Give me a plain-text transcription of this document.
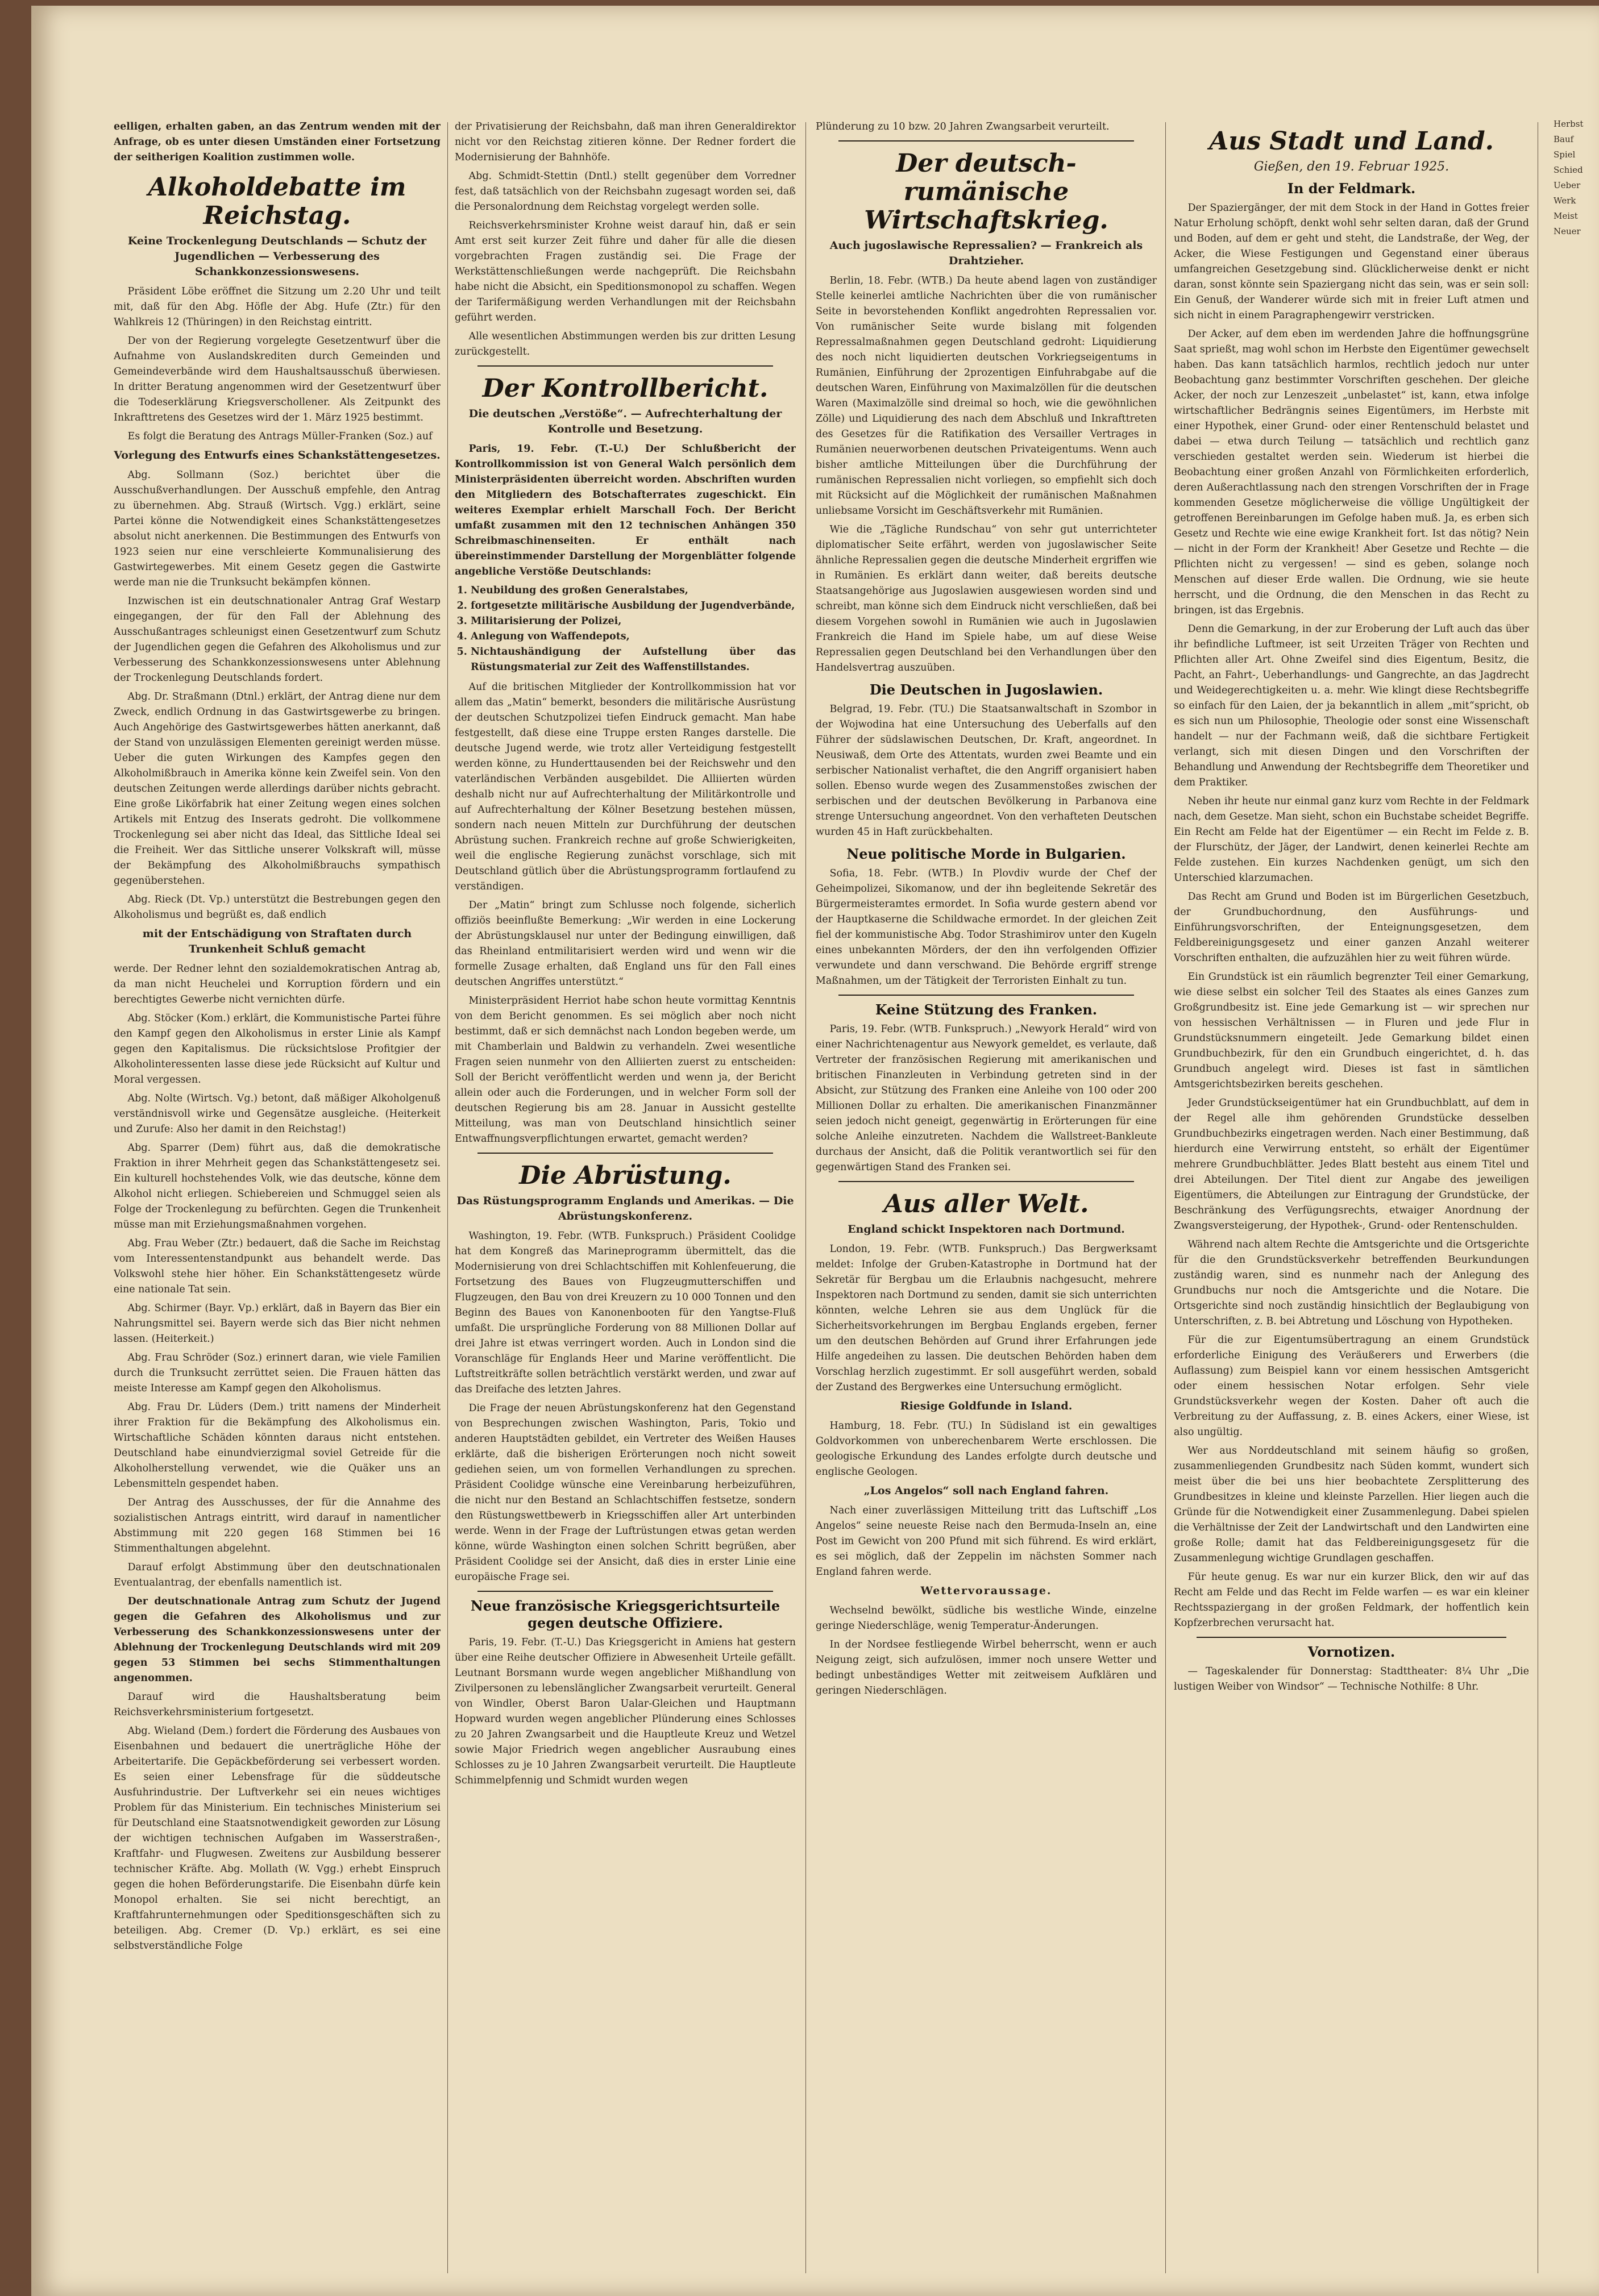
eelligen, erhalten gaben, an das Zentrum wenden mit der Anfrage, ob es unter diesen Umständen einer Fortsetzung der seitherigen Koalition zustimmen wolle.

Alkoholdebatte im Reichstag.
Keine Trockenlegung Deutschlands — Schutz der Jugendlichen — Verbesserung des Schankkonzessionswesens.

Präsident Löbe eröffnet die Sitzung um 2.20 Uhr und teilt mit, daß für den Abg. Höfle der Abg. Hufe (Ztr.) für den Wahlkreis 12 (Thüringen) in den Reichstag eintritt.

Der von der Regierung vorgelegte Gesetzentwurf über die Aufnahme von Auslandskrediten durch Gemeinden und Gemeindeverbände wird dem Haushaltsausschuß überwiesen. In dritter Beratung angenommen wird der Gesetzentwurf über die Todeserklärung Kriegsverschollener. Als Zeitpunkt des Inkrafttretens des Gesetzes wird der 1. März 1925 bestimmt.

Es folgt die Beratung des Antrags Müller-Franken (Soz.) auf

Vorlegung des Entwurfs eines Schankstättengesetzes.

Abg. Sollmann (Soz.) berichtet über die Ausschußverhandlungen. Der Ausschuß empfehle, den Antrag zu übernehmen. Abg. Strauß (Wirtsch. Vgg.) erklärt, seine Partei könne die Notwendigkeit eines Schankstättengesetzes absolut nicht anerkennen. Die Bestimmungen des Entwurfs von 1923 seien nur eine verschleierte Kommunalisierung des Gastwirtegewerbes. Mit einem Gesetz gegen die Gastwirte werde man nie die Trunksucht bekämpfen können.

Inzwischen ist ein deutschnationaler Antrag Graf Westarp eingegangen, der für den Fall der Ablehnung des Ausschußantrages schleunigst einen Gesetzentwurf zum Schutz der Jugendlichen gegen die Gefahren des Alkoholismus und zur Verbesserung des Schankkonzessionswesens unter Ablehnung der Trockenlegung Deutschlands fordert.

Abg. Dr. Straßmann (Dtnl.) erklärt, der Antrag diene nur dem Zweck, endlich Ordnung in das Gastwirtsgewerbe zu bringen. Auch Angehörige des Gastwirtsgewerbes hätten anerkannt, daß der Stand von unzulässigen Elementen gereinigt werden müsse. Ueber die guten Wirkungen des Kampfes gegen den Alkoholmißbrauch in Amerika könne kein Zweifel sein. Von den deutschen Zeitungen werde allerdings darüber nichts gebracht. Eine große Likörfabrik hat einer Zeitung wegen eines solchen Artikels mit Entzug des Inserats gedroht. Die vollkommene Trockenlegung sei aber nicht das Ideal, das Sittliche Ideal sei die Freiheit. Wer das Sittliche unserer Volkskraft will, müsse der Bekämpfung des Alkoholmißbrauchs sympathisch gegenüberstehen.

Abg. Rieck (Dt. Vp.) unterstützt die Bestrebungen gegen den Alkoholismus und begrüßt es, daß endlich

mit der Entschädigung von Straftaten durch Trunkenheit Schluß gemacht

werde. Der Redner lehnt den sozialdemokratischen Antrag ab, da man nicht Heuchelei und Korruption fördern und ein berechtigtes Gewerbe nicht vernichten dürfe.

Abg. Stöcker (Kom.) erklärt, die Kommunistische Partei führe den Kampf gegen den Alkoholismus in erster Linie als Kampf gegen den Kapitalismus. Die rücksichtslose Profitgier der Alkoholinteressenten lasse diese jede Rücksicht auf Kultur und Moral vergessen.

Abg. Nolte (Wirtsch. Vg.) betont, daß mäßiger Alkoholgenuß verständnisvoll wirke und Gegensätze ausgleiche. (Heiterkeit und Zurufe: Also her damit in den Reichstag!)

Abg. Sparrer (Dem) führt aus, daß die demokratische Fraktion in ihrer Mehrheit gegen das Schankstättengesetz sei. Ein kulturell hochstehendes Volk, wie das deutsche, könne dem Alkohol nicht erliegen. Schiebereien und Schmuggel seien als Folge der Trockenlegung zu befürchten. Gegen die Trunkenheit müsse man mit Erziehungsmaßnahmen vorgehen.

Abg. Frau Weber (Ztr.) bedauert, daß die Sache im Reichstag vom Interessentenstandpunkt aus behandelt werde. Das Volkswohl stehe hier höher. Ein Schankstättengesetz würde eine nationale Tat sein.

Abg. Schirmer (Bayr. Vp.) erklärt, daß in Bayern das Bier ein Nahrungsmittel sei. Bayern werde sich das Bier nicht nehmen lassen. (Heiterkeit.)

Abg. Frau Schröder (Soz.) erinnert daran, wie viele Familien durch die Trunksucht zerrüttet seien. Die Frauen hätten das meiste Interesse am Kampf gegen den Alkoholismus.

Abg. Frau Dr. Lüders (Dem.) tritt namens der Minderheit ihrer Fraktion für die Bekämpfung des Alkoholismus ein. Wirtschaftliche Schäden könnten daraus nicht entstehen. Deutschland habe einundvierzigmal soviel Getreide für die Alkoholherstellung verwendet, wie die Quäker uns an Lebensmitteln gespendet haben.

Der Antrag des Ausschusses, der für die Annahme des sozialistischen Antrags eintritt, wird darauf in namentlicher Abstimmung mit 220 gegen 168 Stimmen bei 16 Stimmenthaltungen abgelehnt.

Darauf erfolgt Abstimmung über den deutschnationalen Eventualantrag, der ebenfalls namentlich ist.

Der deutschnationale Antrag zum Schutz der Jugend gegen die Gefahren des Alkoholismus und zur Verbesserung des Schankkonzessionswesens unter der Ablehnung der Trockenlegung Deutschlands wird mit 209 gegen 53 Stimmen bei sechs Stimmenthaltungen angenommen.

Darauf wird die Haushaltsberatung beim Reichsverkehrsministerium fortgesetzt.

Abg. Wieland (Dem.) fordert die Förderung des Ausbaues von Eisenbahnen und bedauert die unerträgliche Höhe der Arbeitertarife. Die Gepäckbeförderung sei verbessert worden. Es seien einer Lebensfrage für die süddeutsche Ausfuhrindustrie. Der Luftverkehr sei ein neues wichtiges Problem für das Ministerium. Ein technisches Ministerium sei für Deutschland eine Staatsnotwendigkeit geworden zur Lösung der wichtigen technischen Aufgaben im Wasserstraßen-, Kraftfahr- und Flugwesen. Zweitens zur Ausbildung besserer technischer Kräfte. Abg. Mollath (W. Vgg.) erhebt Einspruch gegen die hohen Beförderungstarife. Die Eisenbahn dürfe kein Monopol erhalten. Sie sei nicht berechtigt, an Kraftfahrunternehmungen oder Speditionsgeschäften sich zu beteiligen. Abg. Cremer (D. Vp.) erklärt, es sei eine selbstverständliche Folge

der Privatisierung der Reichsbahn, daß man ihren Generaldirektor nicht vor den Reichstag zitieren könne. Der Redner fordert die Modernisierung der Bahnhöfe.

Abg. Schmidt-Stettin (Dntl.) stellt gegenüber dem Vorredner fest, daß tatsächlich von der Reichsbahn zugesagt worden sei, daß die Personalordnung dem Reichstag vorgelegt werden solle.

Reichsverkehrsminister Krohne weist darauf hin, daß er sein Amt erst seit kurzer Zeit führe und daher für alle die diesen vorgebrachten Fragen zuständig sei. Die Frage der Werkstättenschließungen werde nachgeprüft. Die Reichsbahn habe nicht die Absicht, ein Speditionsmonopol zu schaffen. Wegen der Tarifermäßigung werden Verhandlungen mit der Reichsbahn geführt werden.

Alle wesentlichen Abstimmungen werden bis zur dritten Lesung zurückgestellt.

Der Kontrollbericht.
Die deutschen „Verstöße“. — Aufrechterhaltung der Kontrolle und Besetzung.

Paris, 19. Febr. (T.-U.) Der Schlußbericht der Kontrollkommission ist von General Walch persönlich dem Ministerpräsidenten überreicht worden. Abschriften wurden den Mitgliedern des Botschafterrates zugeschickt. Ein weiteres Exemplar erhielt Marschall Foch. Der Bericht umfaßt zusammen mit den 12 technischen Anhängen 350 Schreibmaschinenseiten. Er enthält nach übereinstimmender Darstellung der Morgenblätter folgende angebliche Verstöße Deutschlands:

1. Neubildung des großen Generalstabes,
2. fortgesetzte militärische Ausbildung der Jugendverbände,
3. Militarisierung der Polizei,
4. Anlegung von Waffendepots,
5. Nichtaushändigung der Aufstellung über das Rüstungsmaterial zur Zeit des Waffenstillstandes.

Auf die britischen Mitglieder der Kontrollkommission hat vor allem das „Matin“ bemerkt, besonders die militärische Ausrüstung der deutschen Schutzpolizei tiefen Eindruck gemacht. Man habe festgestellt, daß diese eine Truppe ersten Ranges darstelle. Die deutsche Jugend werde, wie trotz aller Verteidigung festgestellt werden könne, zu Hunderttausenden bei der Reichswehr und den vaterländischen Verbänden ausgebildet. Die Alliierten würden deshalb nicht nur auf Aufrechterhaltung der Militärkontrolle und auf Aufrechterhaltung der Kölner Besetzung bestehen müssen, sondern nach neuen Mitteln zur Durchführung der deutschen Abrüstung suchen. Frankreich rechne auf große Schwierigkeiten, weil die englische Regierung zunächst vorschlage, sich mit Deutschland gütlich über die Abrüstungsprogramm fortlaufend zu verständigen.

Der „Matin“ bringt zum Schlusse noch folgende, sicherlich offiziös beeinflußte Bemerkung: „Wir werden in eine Lockerung der Abrüstungsklausel nur unter der Bedingung einwilligen, daß das Rheinland entmilitarisiert werden wird und wenn wir die formelle Zusage erhalten, daß England uns für den Fall eines deutschen Angriffes unterstützt.“

Ministerpräsident Herriot habe schon heute vormittag Kenntnis von dem Bericht genommen. Es sei möglich aber noch nicht bestimmt, daß er sich demnächst nach London begeben werde, um mit Chamberlain und Baldwin zu verhandeln. Zwei wesentliche Fragen seien nunmehr von den Alliierten zuerst zu entscheiden: Soll der Bericht veröffentlicht werden und wenn ja, der Bericht allein oder auch die Forderungen, und in welcher Form soll der deutschen Regierung bis am 28. Januar in Aussicht gestellte Mitteilung, was man von Deutschland hinsichtlich seiner Entwaffnungsverpflichtungen erwartet, gemacht werden?

Die Abrüstung.
Das Rüstungsprogramm Englands und Amerikas. — Die Abrüstungskonferenz.

Washington, 19. Febr. (WTB. Funkspruch.) Präsident Coolidge hat dem Kongreß das Marineprogramm übermittelt, das die Modernisierung von drei Schlachtschiffen mit Kohlenfeuerung, die Fortsetzung des Baues von Flugzeugmutterschiffen und Flugzeugen, den Bau von drei Kreuzern zu 10 000 Tonnen und den Beginn des Baues von Kanonenbooten für den Yangtse-Fluß umfaßt. Die ursprüngliche Forderung von 88 Millionen Dollar auf drei Jahre ist etwas verringert worden. Auch in London sind die Voranschläge für Englands Heer und Marine veröffentlicht. Die Luftstreitkräfte sollen beträchtlich verstärkt werden, und zwar auf das Dreifache des letzten Jahres.

Die Frage der neuen Abrüstungskonferenz hat den Gegenstand von Besprechungen zwischen Washington, Paris, Tokio und anderen Hauptstädten gebildet, ein Vertreter des Weißen Hauses erklärte, daß die bisherigen Erörterungen noch nicht soweit gediehen seien, um von formellen Verhandlungen zu sprechen. Präsident Coolidge wünsche eine Vereinbarung herbeizuführen, die nicht nur den Bestand an Schlachtschiffen festsetze, sondern den Rüstungswettbewerb in Kriegsschiffen aller Art unterbinden werde. Wenn in der Frage der Luftrüstungen etwas getan werden könne, würde Washington einen solchen Schritt begrüßen, aber Präsident Coolidge sei der Ansicht, daß dies in erster Linie eine europäische Frage sei.

Neue französische Kriegsgerichtsurteile gegen deutsche Offiziere.

Paris, 19. Febr. (T.-U.) Das Kriegsgericht in Amiens hat gestern über eine Reihe deutscher Offiziere in Abwesenheit Urteile gefällt. Leutnant Borsmann wurde wegen angeblicher Mißhandlung von Zivilpersonen zu lebenslänglicher Zwangsarbeit verurteilt. General von Windler, Oberst Baron Ualar-Gleichen und Hauptmann Hopward wurden wegen angeblicher Plünderung eines Schlosses zu 20 Jahren Zwangsarbeit und die Hauptleute Kreuz und Wetzel sowie Major Friedrich wegen angeblicher Ausraubung eines Schlosses zu je 10 Jahren Zwangsarbeit verurteilt. Die Hauptleute Schimmelpfennig und Schmidt wurden wegen

Plünderung zu 10 bzw. 20 Jahren Zwangsarbeit verurteilt.

Der deutsch-rumänische Wirtschaftskrieg.
Auch jugoslawische Repressalien? — Frankreich als Drahtzieher.

Berlin, 18. Febr. (WTB.) Da heute abend lagen von zuständiger Stelle keinerlei amtliche Nachrichten über die von rumänischer Seite in bevorstehenden Konflikt angedrohten Repressalien vor. Von rumänischer Seite wurde bislang mit folgenden Repressalmaßnahmen gegen Deutschland gedroht: Liquidierung des noch nicht liquidierten deutschen Vorkriegseigentums in Rumänien, Einführung der 2prozentigen Einfuhrabgabe auf die deutschen Waren, Einführung von Maximalzöllen für die deutschen Waren (Maximalzölle sind dreimal so hoch, wie die gewöhnlichen Zölle) und Liquidierung des nach dem Abschluß und Inkrafttreten des Gesetzes für die Ratifikation des Versailler Vertrages in Rumänien neuerworbenen deutschen Privateigentums. Wenn auch bisher amtliche Mitteilungen über die Durchführung der rumänischen Repressalien nicht vorliegen, so empfiehlt sich doch mit Rücksicht auf die Möglichkeit der rumänischen Maßnahmen unliebsame Vorsicht im Geschäftsverkehr mit Rumänien.

Wie die „Tägliche Rundschau“ von sehr gut unterrichteter diplomatischer Seite erfährt, werden von jugoslawischer Seite ähnliche Repressalien gegen die deutsche Minderheit ergriffen wie in Rumänien. Es erklärt dann weiter, daß bereits deutsche Staatsangehörige aus Jugoslawien ausgewiesen worden sind und schreibt, man könne sich dem Eindruck nicht verschließen, daß bei diesem Vorgehen sowohl in Rumänien wie auch in Jugoslawien Frankreich die Hand im Spiele habe, um auf diese Weise Repressalien gegen Deutschland bei den Verhandlungen über den Handelsvertrag auszuüben.

Die Deutschen in Jugoslawien.

Belgrad, 19. Febr. (TU.) Die Staatsanwaltschaft in Szombor in der Wojwodina hat eine Untersuchung des Ueberfalls auf den Führer der südslawischen Deutschen, Dr. Kraft, angeordnet. In Neusiwaß, dem Orte des Attentats, wurden zwei Beamte und ein serbischer Nationalist verhaftet, die den Angriff organisiert haben sollen. Ebenso wurde wegen des Zusammenstoßes zwischen der serbischen und der deutschen Bevölkerung in Parbanova eine strenge Untersuchung angeordnet. Von den verhafteten Deutschen wurden 45 in Haft zurückbehalten.

Neue politische Morde in Bulgarien.

Sofia, 18. Febr. (WTB.) In Plovdiv wurde der Chef der Geheimpolizei, Sikomanow, und der ihn begleitende Sekretär des Bürgermeisteramtes ermordet. In Sofia wurde gestern abend vor der Hauptkaserne die Schildwache ermordet. In der gleichen Zeit fiel der kommunistische Abg. Todor Strashimirov unter den Kugeln eines unbekannten Mörders, der den ihn verfolgenden Offizier verwundete und dann verschwand. Die Behörde ergriff strenge Maßnahmen, um der Tätigkeit der Terroristen Einhalt zu tun.

Keine Stützung des Franken.

Paris, 19. Febr. (WTB. Funkspruch.) „Newyork Herald“ wird von einer Nachrichtenagentur aus Newyork gemeldet, es verlaute, daß Vertreter der französischen Regierung mit amerikanischen und britischen Finanzleuten in Verbindung getreten sind in der Absicht, zur Stützung des Franken eine Anleihe von 100 oder 200 Millionen Dollar zu erhalten. Die amerikanischen Finanzmänner seien jedoch nicht geneigt, gegenwärtig in Erörterungen für eine solche Anleihe einzutreten. Nachdem die Wallstreet-Bankleute durchaus der Ansicht, daß die Politik verantwortlich sei für den gegenwärtigen Stand des Franken sei.

Aus aller Welt.
England schickt Inspektoren nach Dortmund.

London, 19. Febr. (WTB. Funkspruch.) Das Bergwerksamt meldet: Infolge der Gruben-Katastrophe in Dortmund hat der Sekretär für Bergbau um die Erlaubnis nachgesucht, mehrere Inspektoren nach Dortmund zu senden, damit sie sich unterrichten könnten, welche Lehren sie aus dem Unglück für die Sicherheitsvorkehrungen im Bergbau Englands ergeben, ferner um den deutschen Behörden auf Grund ihrer Erfahrungen jede Hilfe angedeihen zu lassen. Die deutschen Behörden haben dem Vorschlag herzlich zugestimmt. Er soll ausgeführt werden, sobald der Zustand des Bergwerkes eine Untersuchung ermöglicht.

Riesige Goldfunde in Island.

Hamburg, 18. Febr. (TU.) In Südisland ist ein gewaltiges Goldvorkommen von unberechenbarem Werte erschlossen. Die geologische Erkundung des Landes erfolgte durch deutsche und englische Geologen.

„Los Angelos“ soll nach England fahren.

Nach einer zuverlässigen Mitteilung tritt das Luftschiff „Los Angelos“ seine neueste Reise nach den Bermuda-Inseln an, eine Post im Gewicht von 200 Pfund mit sich führend. Es wird erklärt, es sei möglich, daß der Zeppelin im nächsten Sommer nach England fahren werde.

Wettervoraussage.

Wechselnd bewölkt, südliche bis westliche Winde, einzelne geringe Niederschläge, wenig Temperatur-Änderungen.

In der Nordsee festliegende Wirbel beherrscht, wenn er auch Neigung zeigt, sich aufzulösen, immer noch unsere Wetter und bedingt unbeständiges Wetter mit zeitweisem Aufklären und geringen Niederschlägen.

Aus Stadt und Land.
Gießen, den 19. Februar 1925.
In der Feldmark.

Der Spaziergänger, der mit dem Stock in der Hand in Gottes freier Natur Erholung schöpft, denkt wohl sehr selten daran, daß der Grund und Boden, auf dem er geht und steht, die Landstraße, der Weg, der Acker, die Wiese Festigungen und Gegenstand einer überaus umfangreichen Gesetzgebung sind. Glücklicherweise denkt er nicht daran, sonst könnte sein Spaziergang nicht das sein, was er sein soll: Ein Genuß, der Wanderer würde sich mit in freier Luft atmen und sich nicht in einem Paragraphengewirr verstricken.

Der Acker, auf dem eben im werdenden Jahre die hoffnungsgrüne Saat sprießt, mag wohl schon im Herbste den Eigentümer gewechselt haben. Das kann tatsächlich harmlos, rechtlich jedoch nur unter Beobachtung ganz bestimmter Vorschriften geschehen. Der gleiche Acker, der noch zur Lenzeszeit „unbelastet“ ist, kann, etwa infolge wirtschaftlicher Bedrängnis seines Eigentümers, im Herbste mit einer Hypothek, einer Grund- oder einer Rentenschuld belastet und dabei — etwa durch Teilung — tatsächlich und rechtlich ganz verschieden gestaltet werden sein. Wiederum ist hierbei die Beobachtung einer großen Anzahl von Förmlichkeiten erforderlich, deren Außerachtlassung nach den strengen Vorschriften der in Frage kommenden Gesetze möglicherweise die völlige Ungültigkeit der getroffenen Bereinbarungen im Gefolge haben muß. Ja, es erben sich Gesetz und Rechte wie eine ewige Krankheit fort. Ist das nötig? Nein — nicht in der Form der Krankheit! Aber Gesetze und Rechte — die Pflichten nicht zu vergessen! — sind es geben, solange noch Menschen auf dieser Erde wallen. Die Ordnung, wie sie heute herrscht, und die Ordnung, die den Menschen in das Recht zu bringen, ist das Ergebnis.

Denn die Gemarkung, in der zur Eroberung der Luft auch das über ihr befindliche Luftmeer, ist seit Urzeiten Träger von Rechten und Pflichten aller Art. Ohne Zweifel sind dies Eigentum, Besitz, die Pacht, an Fahrt-, Ueberhandlungs- und Gangrechte, an das Jagdrecht und Weidegerechtigkeiten u. a. mehr. Wie klingt diese Rechtsbegriffe so einfach für den Laien, der ja bekanntlich in allem „mit“spricht, ob es sich nun um Philosophie, Theologie oder sonst eine Wissenschaft handelt — nur der Fachmann weiß, daß die sichtbare Fertigkeit verlangt, sich mit diesen Dingen und den Vorschriften der Behandlung und Anwendung der Rechtsbegriffe dem Theoretiker und dem Praktiker.

Neben ihr heute nur einmal ganz kurz vom Rechte in der Feldmark nach, dem Gesetze. Man sieht, schon ein Buchstabe scheidet Begriffe. Ein Recht am Felde hat der Eigentümer — ein Recht im Felde z. B. der Flurschütz, der Jäger, der Landwirt, denen keinerlei Rechte am Felde zustehen. Ein kurzes Nachdenken genügt, um sich den Unterschied klarzumachen.

Das Recht am Grund und Boden ist im Bürgerlichen Gesetzbuch, der Grundbuchordnung, den Ausführungs- und Einführungsvorschriften, der Enteignungsgesetzen, dem Feldbereinigungsgesetz und einer ganzen Anzahl weiterer Vorschriften enthalten, die aufzuzählen hier zu weit führen würde.

Ein Grundstück ist ein räumlich begrenzter Teil einer Gemarkung, wie diese selbst ein solcher Teil des Staates als eines Ganzes zum Großgrundbesitz ist. Eine jede Gemarkung ist — wir sprechen nur von hessischen Verhältnissen — in Fluren und jede Flur in Grundstücksnummern eingeteilt. Jede Gemarkung bildet einen Grundbuchbezirk, für den ein Grundbuch eingerichtet, d. h. das Grundbuch angelegt wird. Dieses ist fast in sämtlichen Amtsgerichtsbezirken bereits geschehen.

Jeder Grundstückseigentümer hat ein Grundbuchblatt, auf dem in der Regel alle ihm gehörenden Grundstücke desselben Grundbuchbezirks eingetragen werden. Nach einer Bestimmung, daß hierdurch eine Verwirrung entsteht, so erhält der Eigentümer mehrere Grundbuchblätter. Jedes Blatt besteht aus einem Titel und drei Abteilungen. Der Titel dient zur Angabe des jeweiligen Eigentümers, die Abteilungen zur Eintragung der Grundstücke, der Beschränkung des Verfügungsrechts, etwaiger Anordnung der Zwangsversteigerung, der Hypothek-, Grund- oder Rentenschulden.

Während nach altem Rechte die Amtsgerichte und die Ortsgerichte für die den Grundstücksverkehr betreffenden Beurkundungen zuständig waren, sind es nunmehr nach der Anlegung des Grundbuchs nur noch die Amtsgerichte und die Notare. Die Ortsgerichte sind noch zuständig hinsichtlich der Beglaubigung von Unterschriften, z. B. bei Abtretung und Löschung von Hypotheken.

Für die zur Eigentumsübertragung an einem Grundstück erforderliche Einigung des Veräußerers und Erwerbers (die Auflassung) zum Beispiel kann vor einem hessischen Amtsgericht oder einem hessischen Notar erfolgen. Sehr viele Grundstücksverkehr wegen der Kosten. Daher oft auch die Verbreitung zu der Auffassung, z. B. eines Ackers, einer Wiese, ist also ungültig.

Wer aus Norddeutschland mit seinem häufig so großen, zusammenliegenden Grundbesitz nach Süden kommt, wundert sich meist über die bei uns hier beobachtete Zersplitterung des Grundbesitzes in kleine und kleinste Parzellen. Hier liegen auch die Gründe für die Notwendigkeit einer Zusammenlegung. Dabei spielen die Verhältnisse der Zeit der Landwirtschaft und den Landwirten eine große Rolle; damit hat das Feldbereinigungsgesetz für die Zusammenlegung wichtige Grundlagen geschaffen.

Für heute genug. Es war nur ein kurzer Blick, den wir auf das Recht am Felde und das Recht im Felde warfen — es war ein kleiner Rechtsspaziergang in der großen Feldmark, der hoffentlich kein Kopfzerbrechen verursacht hat.

Vornotizen.

— Tageskalender für Donnerstag: Stadttheater: 8¼ Uhr „Die lustigen Weiber von Windsor“ — Technische Nothilfe: 8 Uhr.

Herbst
Bauf
Spiel
Schied
Ueber
Werk
Meist
Neuer
